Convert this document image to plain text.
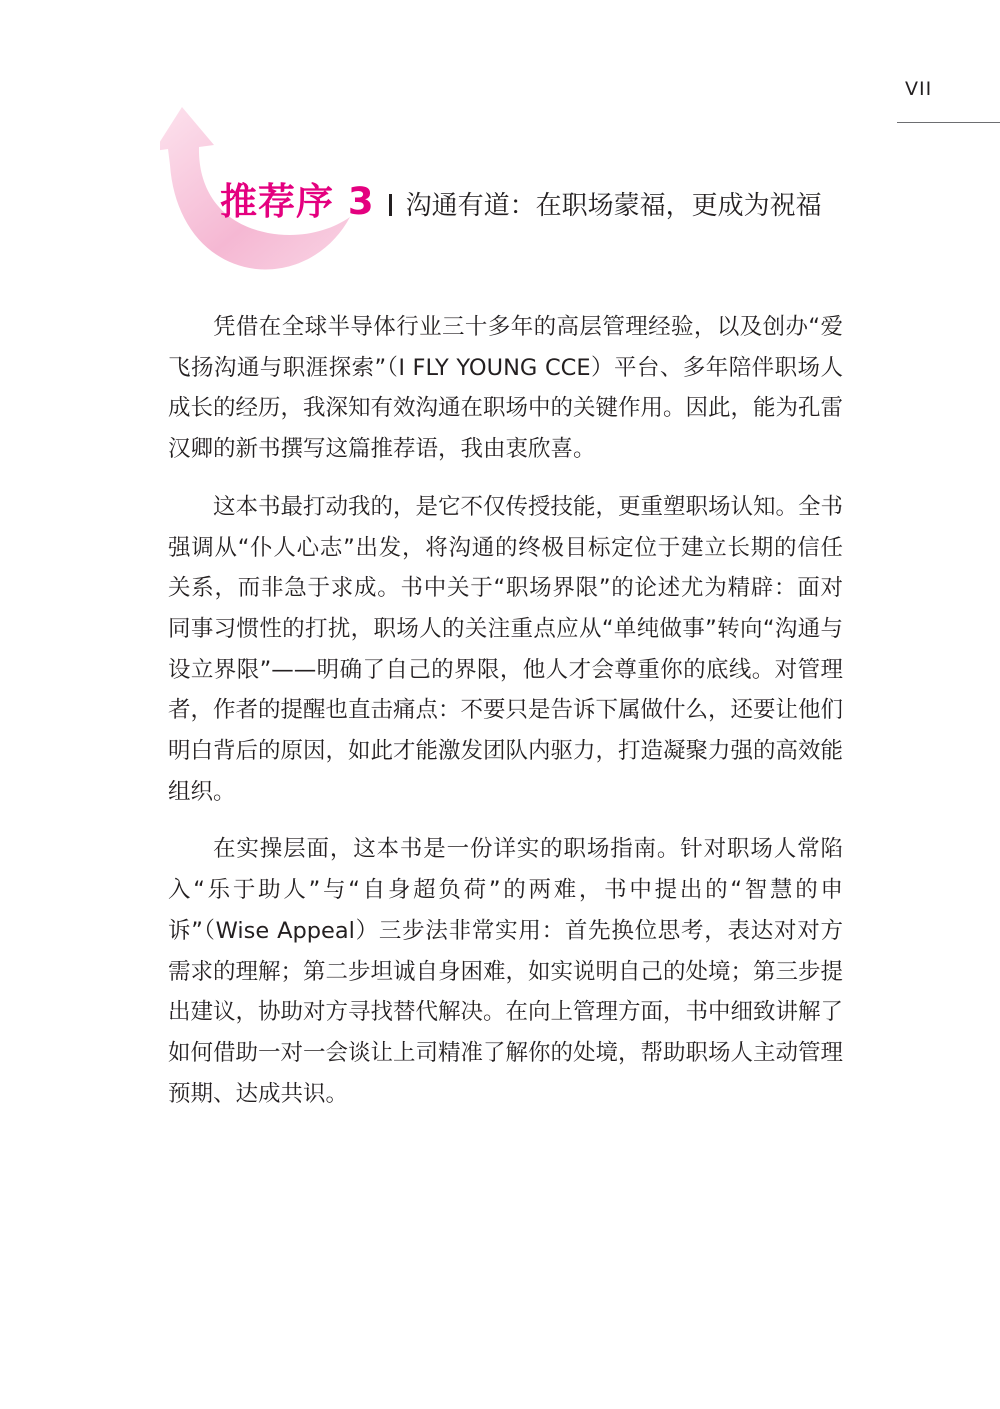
VII
推荐序 3 沟通有道：在职场蒙福，更成为祝福

凭借在全球半导体行业三十多年的高层管理经验，以及创办“爱飞扬沟通与职涯探索”（I FLY YOUNG CCE）平台、多年陪伴职场人成长的经历，我深知有效沟通在职场中的关键作用。因此，能为孔雷汉卿的新书撰写这篇推荐语，我由衷欣喜。

这本书最打动我的，是它不仅传授技能，更重塑职场认知。全书强调从“仆人心志”出发，将沟通的终极目标定位于建立长期的信任关系，而非急于求成。书中关于“职场界限”的论述尤为精辟：面对同事习惯性的打扰，职场人的关注重点应从“单纯做事”转向“沟通与设立界限”——明确了自己的界限，他人才会尊重你的底线。对管理者，作者的提醒也直击痛点：不要只是告诉下属做什么，还要让他们明白背后的原因，如此才能激发团队内驱力，打造凝聚力强的高效能组织。

在实操层面，这本书是一份详实的职场指南。针对职场人常陷入“乐于助人”与“自身超负荷”的两难，书中提出的“智慧的申诉”（Wise Appeal）三步法非常实用：首先换位思考，表达对对方需求的理解；第二步坦诚自身困难，如实说明自己的处境；第三步提出建议，协助对方寻找替代解决。在向上管理方面，书中细致讲解了如何借助一对一会谈让上司精准了解你的处境，帮助职场人主动管理预期、达成共识。
